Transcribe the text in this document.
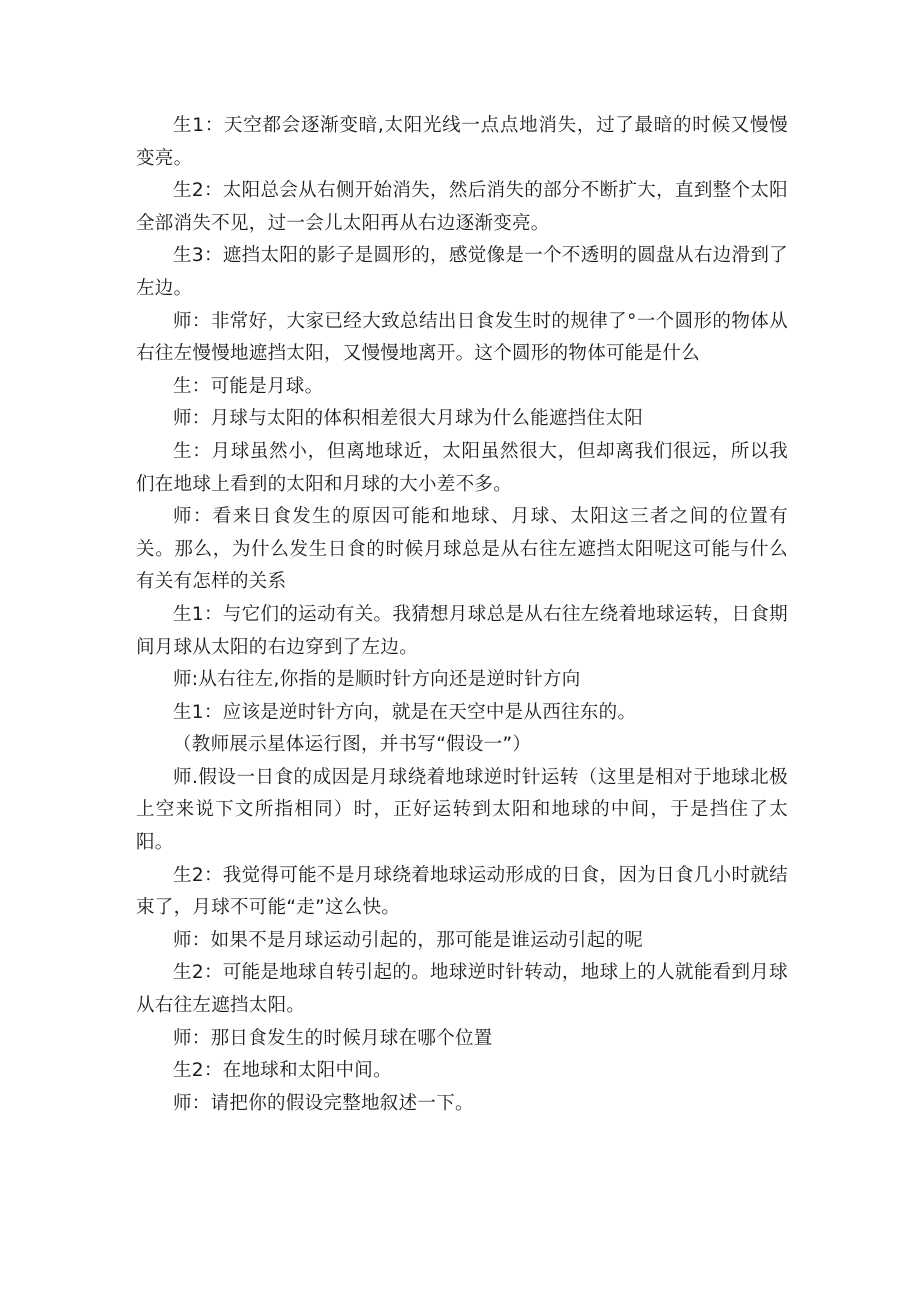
生1：天空都会逐渐变暗,太阳光线一点点地消失，过了最暗的时候又慢慢变亮。

生2：太阳总会从右侧开始消失，然后消失的部分不断扩大，直到整个太阳全部消失不见，过一会儿太阳再从右边逐渐变亮。

生3：遮挡太阳的影子是圆形的，感觉像是一个不透明的圆盘从右边滑到了左边。

师：非常好，大家已经大致总结出日食发生时的规律了°一个圆形的物体从右往左慢慢地遮挡太阳，又慢慢地离开。这个圆形的物体可能是什么

生：可能是月球。

师：月球与太阳的体积相差很大月球为什么能遮挡住太阳

生：月球虽然小，但离地球近，太阳虽然很大，但却离我们很远，所以我们在地球上看到的太阳和月球的大小差不多。

师：看来日食发生的原因可能和地球、月球、太阳这三者之间的位置有关。那么，为什么发生日食的时候月球总是从右往左遮挡太阳呢这可能与什么有关有怎样的关系

生1：与它们的运动有关。我猜想月球总是从右往左绕着地球运转，日食期间月球从太阳的右边穿到了左边。

师:从右往左,你指的是顺时针方向还是逆时针方向

生1：应该是逆时针方向，就是在天空中是从西往东的。

（教师展示星体运行图，并书写“假设一”）

师.假设一日食的成因是月球绕着地球逆时针运转（这里是相对于地球北极上空来说下文所指相同）时，正好运转到太阳和地球的中间，于是挡住了太阳。

生2：我觉得可能不是月球绕着地球运动形成的日食，因为日食几小时就结束了，月球不可能“走”这么快。

师：如果不是月球运动引起的，那可能是谁运动引起的呢

生2：可能是地球自转引起的。地球逆时针转动，地球上的人就能看到月球从右往左遮挡太阳。

师：那日食发生的时候月球在哪个位置

生2：在地球和太阳中间。

师：请把你的假设完整地叙述一下。
